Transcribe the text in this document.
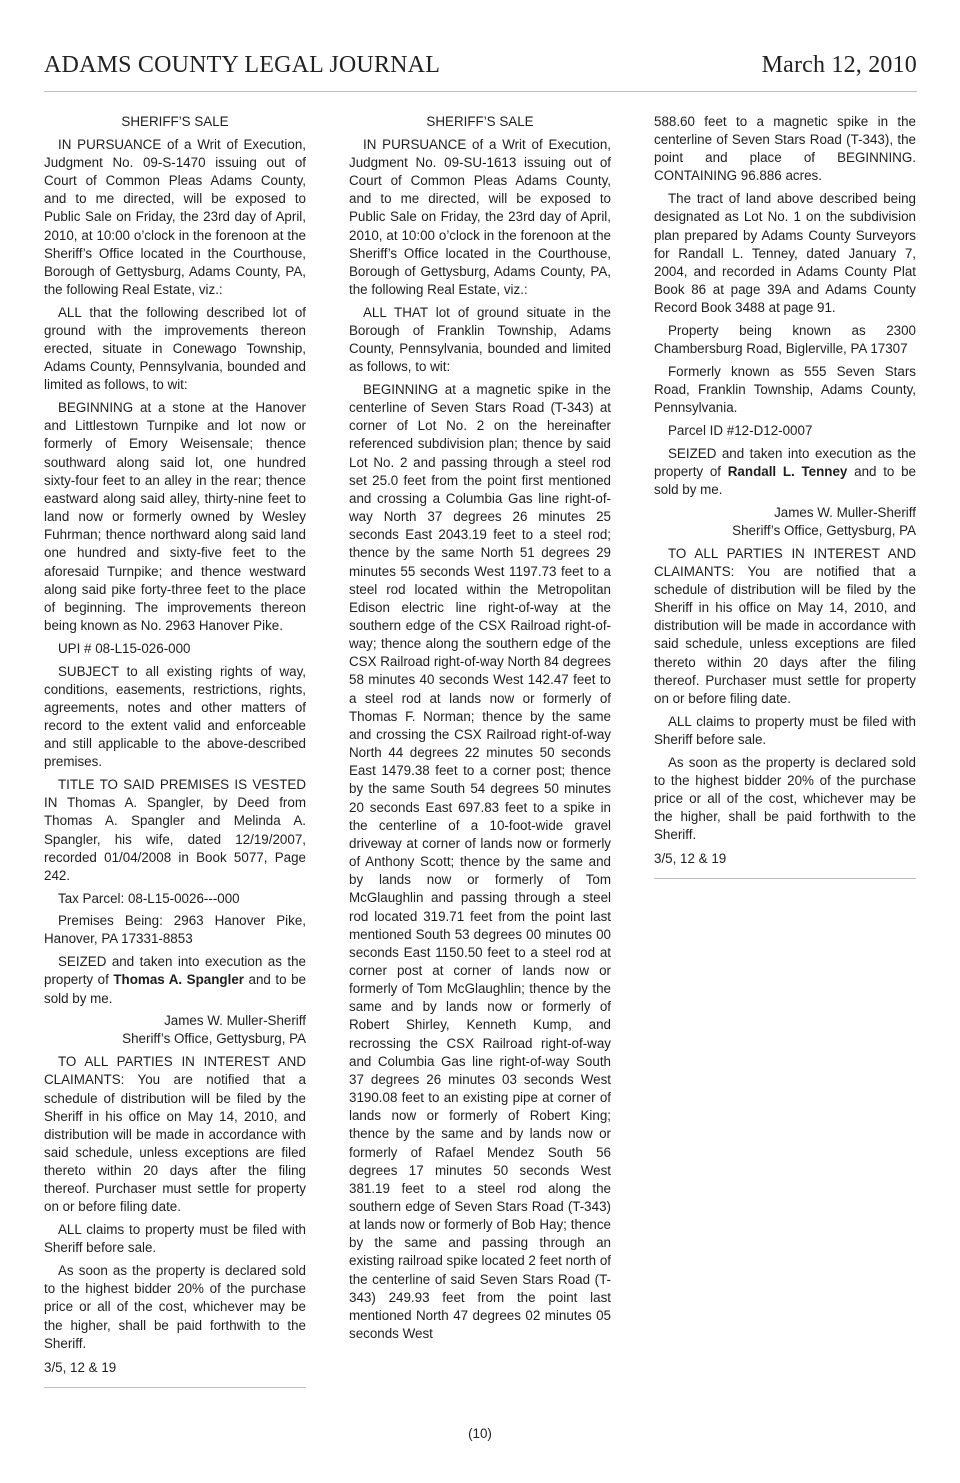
ADAMS COUNTY LEGAL JOURNAL	March 12, 2010

SHERIFF’S SALE

IN PURSUANCE of a Writ of Execution, Judgment No. 09-S-1470 issuing out of Court of Common Pleas Adams County, and to me directed, will be exposed to Public Sale on Friday, the 23rd day of April, 2010, at 10:00 o’clock in the forenoon at the Sheriff’s Office located in the Courthouse, Borough of Gettysburg, Adams County, PA, the following Real Estate, viz.:

ALL that the following described lot of ground with the improvements thereon erected, situate in Conewago Township, Adams County, Pennsylvania, bounded and limited as follows, to wit:

BEGINNING at a stone at the Hanover and Littlestown Turnpike and lot now or formerly of Emory Weisensale; thence southward along said lot, one hundred sixty-four feet to an alley in the rear; thence eastward along said alley, thirty-nine feet to land now or formerly owned by Wesley Fuhrman; thence northward along said land one hundred and sixty-five feet to the aforesaid Turnpike; and thence westward along said pike forty-three feet to the place of beginning. The improvements thereon being known as No. 2963 Hanover Pike.

UPI # 08-L15-026-000

SUBJECT to all existing rights of way, conditions, easements, restrictions, rights, agreements, notes and other matters of record to the extent valid and enforceable and still applicable to the above-described premises.

TITLE TO SAID PREMISES IS VESTED IN Thomas A. Spangler, by Deed from Thomas A. Spangler and Melinda A. Spangler, his wife, dated 12/19/2007, recorded 01/04/2008 in Book 5077, Page 242.

Tax Parcel: 08-L15-0026---000

Premises Being: 2963 Hanover Pike, Hanover, PA 17331-8853

SEIZED and taken into execution as the property of Thomas A. Spangler and to be sold by me.

James W. Muller-Sheriff

Sheriff’s Office, Gettysburg, PA

TO ALL PARTIES IN INTEREST AND CLAIMANTS: You are notified that a schedule of distribution will be filed by the Sheriff in his office on May 14, 2010, and distribution will be made in accordance with said schedule, unless exceptions are filed thereto within 20 days after the filing thereof. Purchaser must settle for property on or before filing date.

ALL claims to property must be filed with Sheriff before sale.

As soon as the property is declared sold to the highest bidder 20% of the purchase price or all of the cost, whichever may be the higher, shall be paid forthwith to the Sheriff.

3/5, 12 & 19

SHERIFF’S SALE

IN PURSUANCE of a Writ of Execution, Judgment No. 09-SU-1613 issuing out of Court of Common Pleas Adams County, and to me directed, will be exposed to Public Sale on Friday, the 23rd day of April, 2010, at 10:00 o’clock in the forenoon at the Sheriff’s Office located in the Courthouse, Borough of Gettysburg, Adams County, PA, the following Real Estate, viz.:

ALL THAT lot of ground situate in the Borough of Franklin Township, Adams County, Pennsylvania, bounded and limited as follows, to wit:

BEGINNING at a magnetic spike in the centerline of Seven Stars Road (T-343) at corner of Lot No. 2 on the hereinafter referenced subdivision plan; thence by said Lot No. 2 and passing through a steel rod set 25.0 feet from the point first mentioned and crossing a Columbia Gas line right-of-way North 37 degrees 26 minutes 25 seconds East 2043.19 feet to a steel rod; thence by the same North 51 degrees 29 minutes 55 seconds West 1197.73 feet to a steel rod located within the Metropolitan Edison electric line right-of-way at the southern edge of the CSX Railroad right-of-way; thence along the southern edge of the CSX Railroad right-of-way North 84 degrees 58 minutes 40 seconds West 142.47 feet to a steel rod at lands now or formerly of Thomas F. Norman; thence by the same and crossing the CSX Railroad right-of-way North 44 degrees 22 minutes 50 seconds East 1479.38 feet to a corner post; thence by the same South 54 degrees 50 minutes 20 seconds East 697.83 feet to a spike in the centerline of a 10-foot-wide gravel driveway at corner of lands now or formerly of Anthony Scott; thence by the same and by lands now or formerly of Tom McGlaughlin and passing through a steel rod located 319.71 feet from the point last mentioned South 53 degrees 00 minutes 00 seconds East 1150.50 feet to a steel rod at corner post at corner of lands now or formerly of Tom McGlaughlin; thence by the same and by lands now or formerly of Robert Shirley, Kenneth Kump, and recrossing the CSX Railroad right-of-way and Columbia Gas line right-of-way South 37 degrees 26 minutes 03 seconds West 3190.08 feet to an existing pipe at corner of lands now or formerly of Robert King; thence by the same and by lands now or formerly of Rafael Mendez South 56 degrees 17 minutes 50 seconds West 381.19 feet to a steel rod along the southern edge of Seven Stars Road (T-343) at lands now or formerly of Bob Hay; thence by the same and passing through an existing railroad spike located 2 feet north of the centerline of said Seven Stars Road (T-343) 249.93 feet from the point last mentioned North 47 degrees 02 minutes 05 seconds West

588.60 feet to a magnetic spike in the centerline of Seven Stars Road (T-343), the point and place of BEGINNING. CONTAINING 96.886 acres.

The tract of land above described being designated as Lot No. 1 on the subdivision plan prepared by Adams County Surveyors for Randall L. Tenney, dated January 7, 2004, and recorded in Adams County Plat Book 86 at page 39A and Adams County Record Book 3488 at page 91.

Property being known as 2300 Chambersburg Road, Biglerville, PA 17307

Formerly known as 555 Seven Stars Road, Franklin Township, Adams County, Pennsylvania.

Parcel ID #12-D12-0007

SEIZED and taken into execution as the property of Randall L. Tenney and to be sold by me.

James W. Muller-Sheriff

Sheriff’s Office, Gettysburg, PA

TO ALL PARTIES IN INTEREST AND CLAIMANTS: You are notified that a schedule of distribution will be filed by the Sheriff in his office on May 14, 2010, and distribution will be made in accordance with said schedule, unless exceptions are filed thereto within 20 days after the filing thereof. Purchaser must settle for property on or before filing date.

ALL claims to property must be filed with Sheriff before sale.

As soon as the property is declared sold to the highest bidder 20% of the purchase price or all of the cost, whichever may be the higher, shall be paid forthwith to the Sheriff.

3/5, 12 & 19

(10)
